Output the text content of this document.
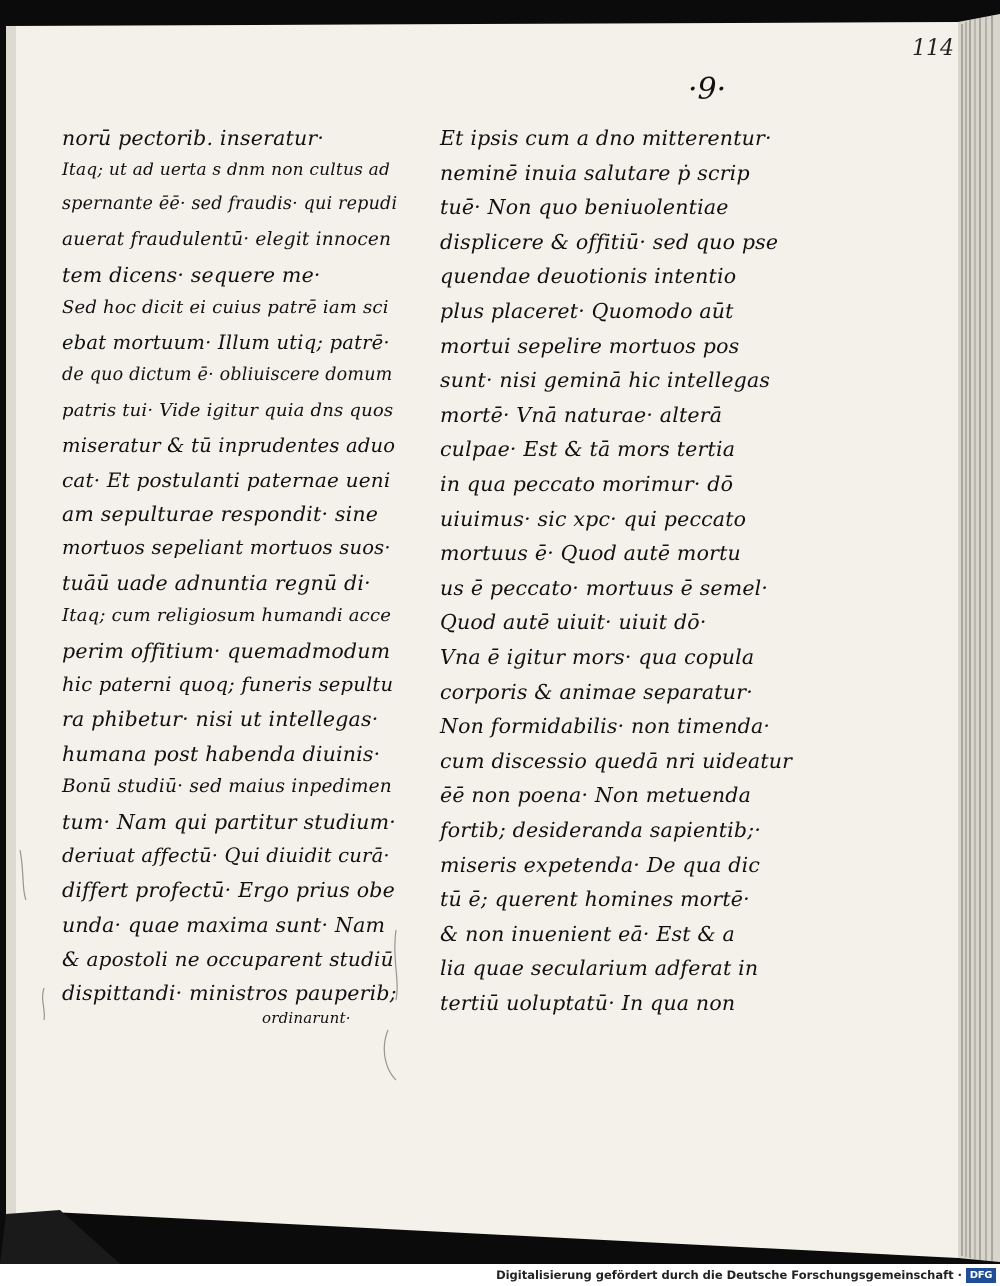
114
·9·
norū pectorib. inseratur·
Itaq; ut ad uerta s dnm non cultus ad
spernante ēē· sed fraudis· qui repudi
auerat fraudulentū· elegit innocen
tem dicens· sequere me·
Sed hoc dicit ei cuius patrē iam sci
ebat mortuum· Illum utiq; patrē·
de quo dictum ē· obliuiscere domum
patris tui· Vide igitur quia dns quos
miseratur & tū inprudentes aduo
cat· Et postulanti paternae ueni
am sepulturae respondit· sine
mortuos sepeliant mortuos suos·
tuāū uade adnuntia regnū di·
Itaq; cum religiosum humandi acce
perim offitium· quemadmodum
hic paterni quoq; funeris sepultu
ra phibetur· nisi ut intellegas·
humana post habenda diuinis·
Bonū studiū· sed maius inpedimen
tum· Nam qui partitur studium·
deriuat affectū· Qui diuidit curā·
differt profectū· Ergo prius obe
unda· quae maxima sunt· Nam
& apostoli ne occuparent studiū
dispittandi· ministros pauperib;
ordinarunt·
Et ipsis cum a dno mitterentur·
neminē inuia salutare ṗ scrip
tuē· Non quo beniuolentiae
displicere & offitiū· sed quo pse
quendae deuotionis intentio
plus placeret· Quomodo aūt
mortui sepelire mortuos pos
sunt· nisi geminā hic intellegas
mortē· Vnā naturae· alterā
culpae· Est & tā mors tertia
in qua peccato morimur· dō
uiuimus· sic xpc· qui peccato
mortuus ē· Quod autē mortu
us ē peccato· mortuus ē semel·
Quod autē uiuit· uiuit dō·
Vna ē igitur mors· qua copula
corporis & animae separatur·
Non formidabilis· non timenda·
cum discessio quedā nri uideatur
ēē non poena· Non metuenda
fortib; desideranda sapientib;·
miseris expetenda· De qua dic
tū ē; querent homines mortē·
& non inuenient eā· Est & a
lia quae secularium adferat in
tertiū uoluptatū· In qua non
Digitalisierung gefördert durch die Deutsche Forschungsgemeinschaft · DFG
